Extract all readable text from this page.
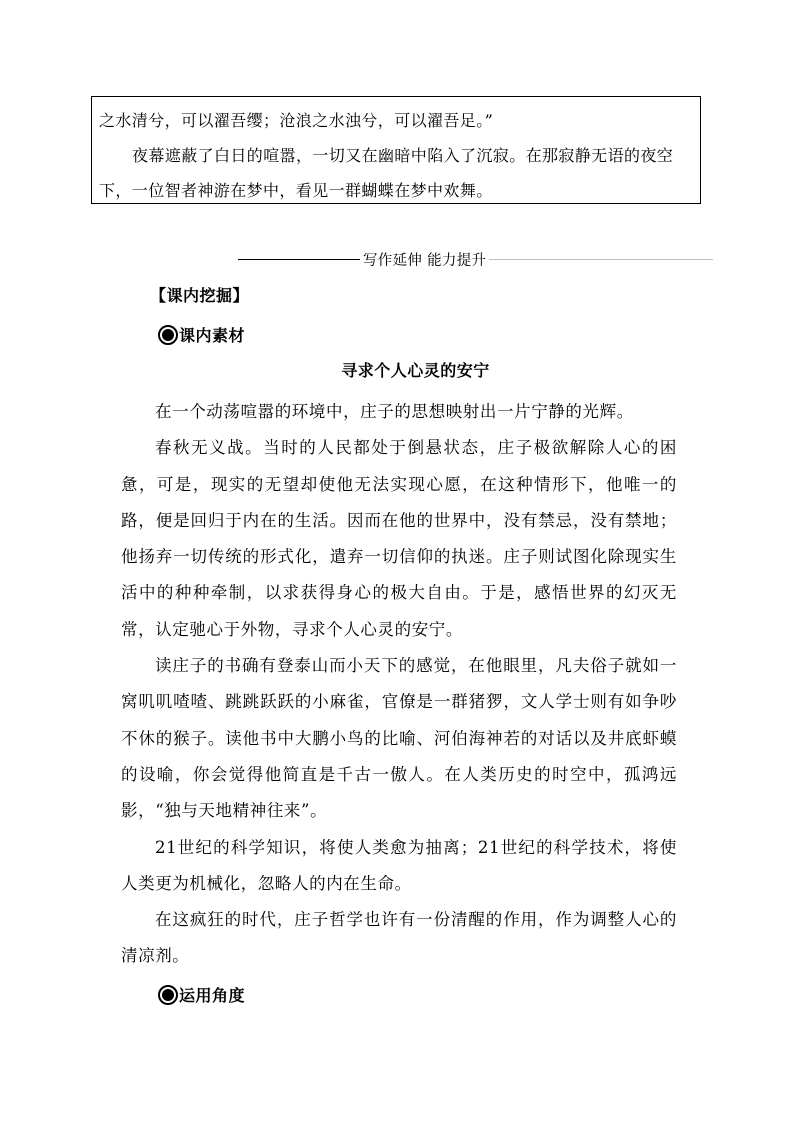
之水清兮，可以濯吾缨；沧浪之水浊兮，可以濯吾足。”

夜幕遮蔽了白日的喧嚣，一切又在幽暗中陷入了沉寂。在那寂静无语的夜空下，一位智者神游在梦中，看见一群蝴蝶在梦中欢舞。

写作延伸 能力提升
【课内挖掘】
课内素材
寻求个人心灵的安宁

在一个动荡喧嚣的环境中，庄子的思想映射出一片宁静的光辉。

春秋无义战。当时的人民都处于倒悬状态，庄子极欲解除人心的困惫，可是，现实的无望却使他无法实现心愿，在这种情形下，他唯一的路，便是回归于内在的生活。因而在他的世界中，没有禁忌，没有禁地；他扬弃一切传统的形式化，遣弃一切信仰的执迷。庄子则试图化除现实生活中的种种牵制，以求获得身心的极大自由。于是，感悟世界的幻灭无常，认定驰心于外物，寻求个人心灵的安宁。

读庄子的书确有登泰山而小天下的感觉，在他眼里，凡夫俗子就如一窝叽叽喳喳、跳跳跃跃的小麻雀，官僚是一群猪猡，文人学士则有如争吵不休的猴子。读他书中大鹏小鸟的比喻、河伯海神若的对话以及井底虾蟆的设喻，你会觉得他简直是千古一傲人。在人类历史的时空中，孤鸿远影，“独与天地精神往来”。

21世纪的科学知识，将使人类愈为抽离；21世纪的科学技术，将使人类更为机械化，忽略人的内在生命。

在这疯狂的时代，庄子哲学也许有一份清醒的作用，作为调整人心的清凉剂。

运用角度
